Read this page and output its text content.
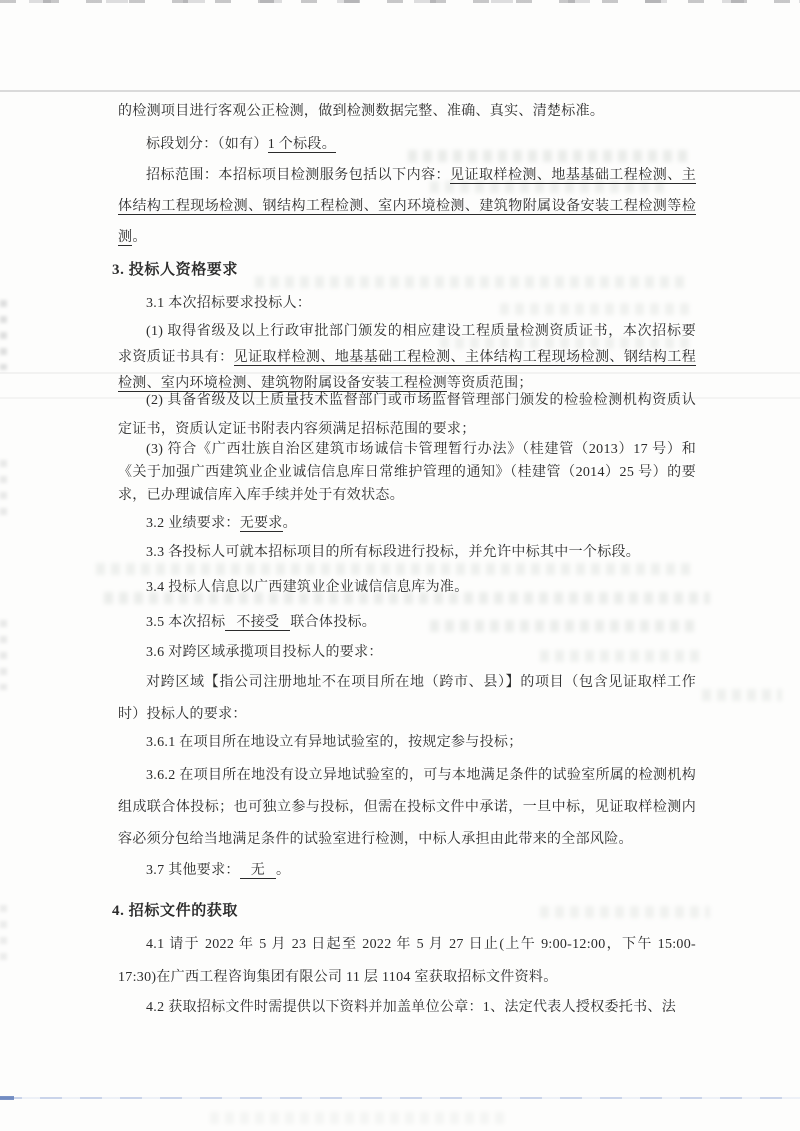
的检测项目进行客观公正检测，做到检测数据完整、准确、真实、清楚标准。

标段划分：（如有）1 个标段。

招标范围：本招标项目检测服务包括以下内容：见证取样检测、地基基础工程检测、主体结构工程现场检测、钢结构工程检测、室内环境检测、建筑物附属设备安装工程检测等检测。

3. 投标人资格要求

3.1 本次招标要求投标人：

(1) 取得省级及以上行政审批部门颁发的相应建设工程质量检测资质证书，本次招标要求资质证书具有：见证取样检测、地基基础工程检测、主体结构工程现场检测、钢结构工程检测、室内环境检测、建筑物附属设备安装工程检测等资质范围；

(2) 具备省级及以上质量技术监督部门或市场监督管理部门颁发的检验检测机构资质认定证书，资质认定证书附表内容须满足招标范围的要求；

(3) 符合《广西壮族自治区建筑市场诚信卡管理暂行办法》（桂建管（2013）17 号）和《关于加强广西建筑业企业诚信信息库日常维护管理的通知》（桂建管（2014）25 号）的要求，已办理诚信库入库手续并处于有效状态。

3.2 业绩要求：无要求。

3.3 各投标人可就本招标项目的所有标段进行投标，并允许中标其中一个标段。

3.4 投标人信息以广西建筑业企业诚信信息库为准。

3.5 本次招标 不接受 联合体投标。

3.6 对跨区域承揽项目投标人的要求：

对跨区域【指公司注册地址不在项目所在地（跨市、县）】的项目（包含见证取样工作时）投标人的要求：

3.6.1 在项目所在地设立有异地试验室的，按规定参与投标；

3.6.2 在项目所在地没有设立异地试验室的，可与本地满足条件的试验室所属的检测机构组成联合体投标；也可独立参与投标，但需在投标文件中承诺，一旦中标，见证取样检测内容必须分包给当地满足条件的试验室进行检测，中标人承担由此带来的全部风险。

3.7 其他要求： 无 。

4. 招标文件的获取

4.1 请于 2022 年 5 月 23 日起至 2022 年 5 月 27 日止(上午 9:00-12:00，下午 15:00-17:30)在广西工程咨询集团有限公司 11 层 1104 室获取招标文件资料。

4.2 获取招标文件时需提供以下资料并加盖单位公章：1、法定代表人授权委托书、法
